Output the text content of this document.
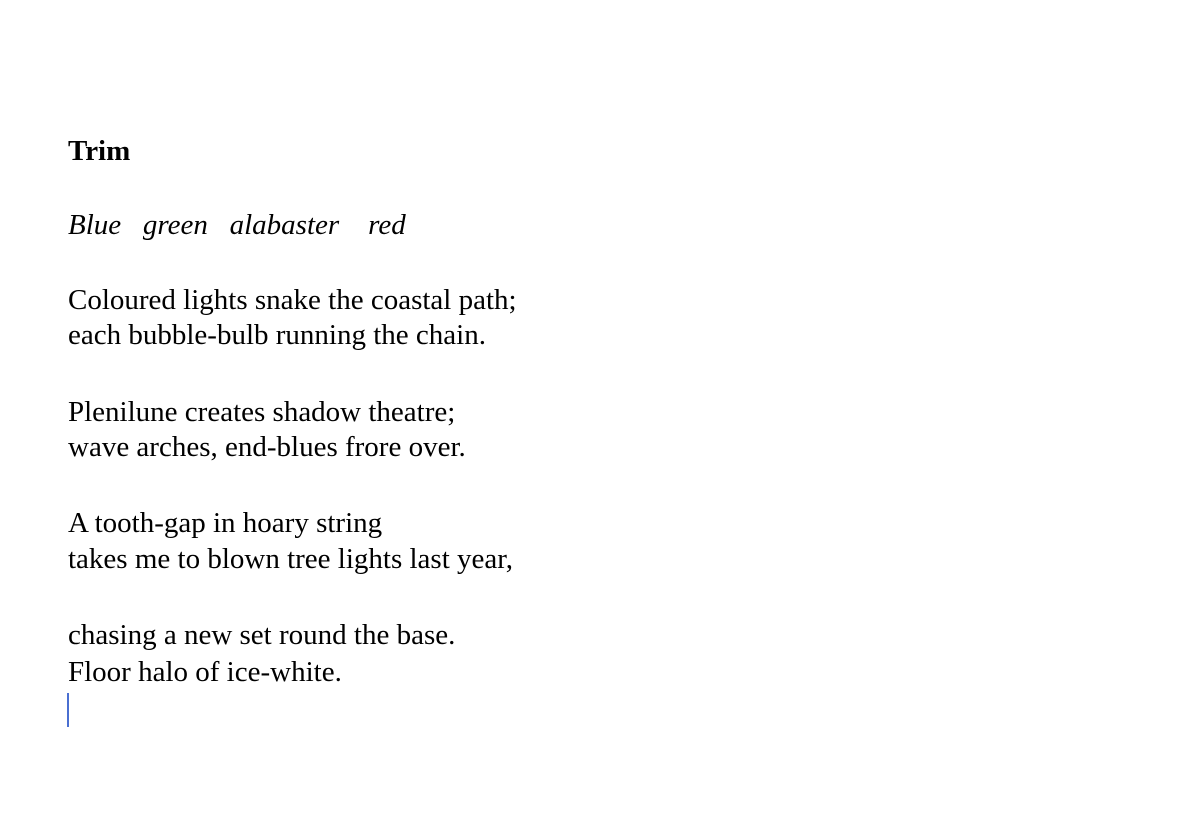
Trim

Blue   green   alabaster    red

Coloured lights snake the coastal path;

each bubble-bulb running the chain.

Plenilune creates shadow theatre;

wave arches, end-blues frore over.

A tooth-gap in hoary string

takes me to blown tree lights last year,

chasing a new set round the base.

Floor halo of ice-white.
